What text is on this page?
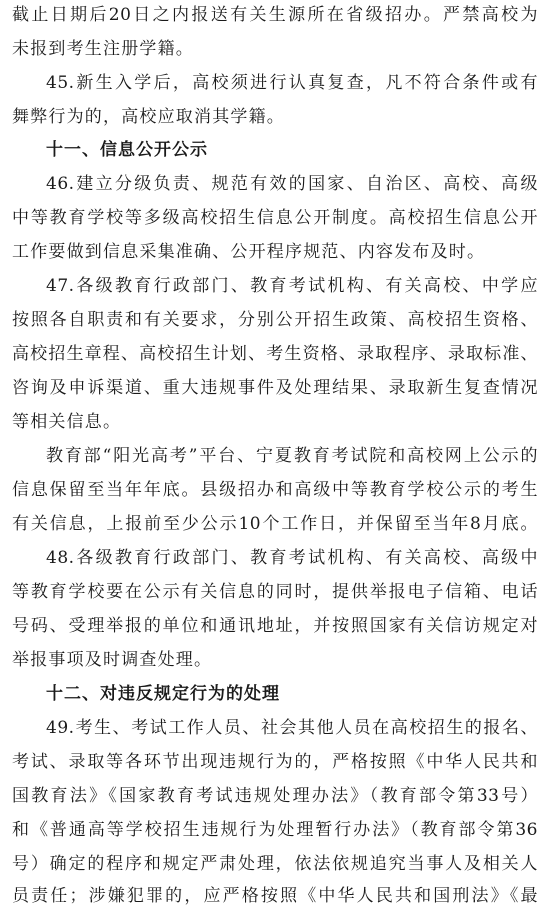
截止日期后20日之内报送有关生源所在省级招办。严禁高校为
未报到考生注册学籍。
45.新生入学后，高校须进行认真复查，凡不符合条件或有
舞弊行为的，高校应取消其学籍。
十一、信息公开公示
46.建立分级负责、规范有效的国家、自治区、高校、高级
中等教育学校等多级高校招生信息公开制度。高校招生信息公开
工作要做到信息采集准确、公开程序规范、内容发布及时。
47.各级教育行政部门、教育考试机构、有关高校、中学应
按照各自职责和有关要求，分别公开招生政策、高校招生资格、
高校招生章程、高校招生计划、考生资格、录取程序、录取标准、
咨询及申诉渠道、重大违规事件及处理结果、录取新生复查情况
等相关信息。
教育部“阳光高考”平台、宁夏教育考试院和高校网上公示的
信息保留至当年年底。县级招办和高级中等教育学校公示的考生
有关信息，上报前至少公示10个工作日，并保留至当年8月底。
48.各级教育行政部门、教育考试机构、有关高校、高级中
等教育学校要在公示有关信息的同时，提供举报电子信箱、电话
号码、受理举报的单位和通讯地址，并按照国家有关信访规定对
举报事项及时调查处理。
十二、对违反规定行为的处理
49.考生、考试工作人员、社会其他人员在高校招生的报名、
考试、录取等各环节出现违规行为的，严格按照《中华人民共和
国教育法》《国家教育考试违规处理办法》（教育部令第33号）
和《普通高等学校招生违规行为处理暂行办法》（教育部令第36
号）确定的程序和规定严肃处理，依法依规追究当事人及相关人
员责任；涉嫌犯罪的，应严格按照《中华人民共和国刑法》《最
